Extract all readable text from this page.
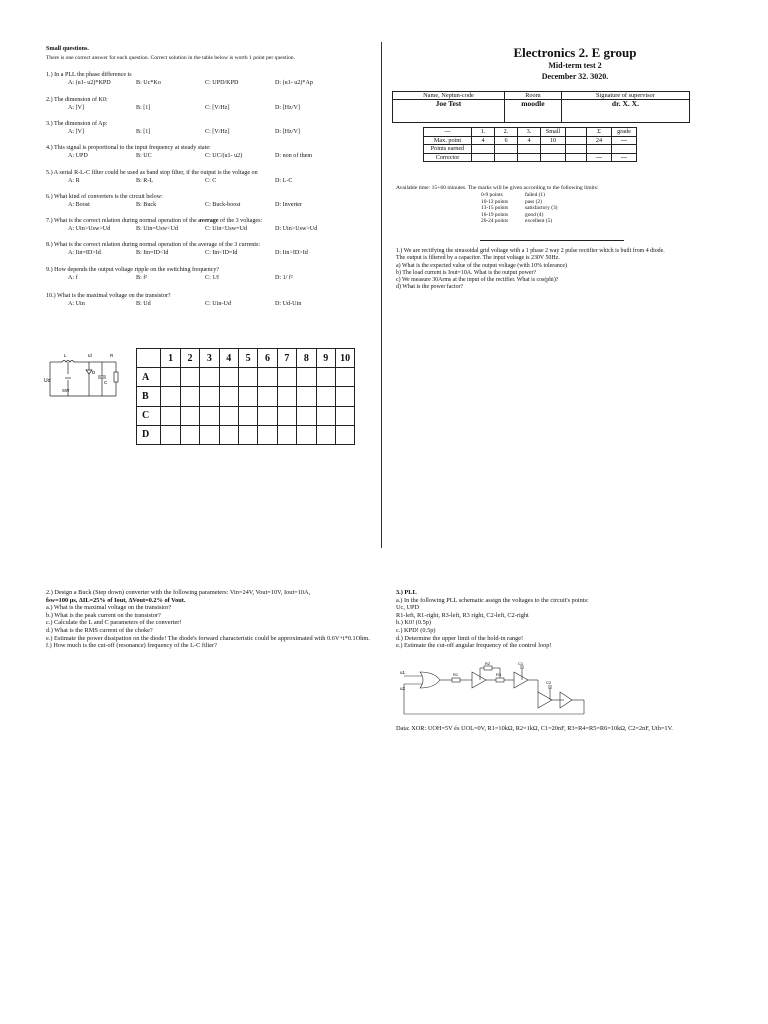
Small questions.
There is one correct answer for each question. Correct solution in the table below is worth 1 point per question.
1.) In a PLL the phase difference is
A: (u1- u2)*KPD	B: Uc*Ko	C: UPD/KPD	D: (u1- u2)*Ap
2.) The dimension of K0:
A: [V]	B: [1]	C: [V/Hz]	D: [Hz/V]
3.) The dimension of Ap:
A: [V]	B: [1]	C: [V/Hz]	D: [Hz/V]
4.) This signal is proportional to the input frequency at steady state:
A: UPD	B: UC	C: UC/(u1- u2)	D: non of them
5.) A serial R-L-C filter could be used as band stop filter, if the output is the voltage on
A: R	B: R-L	C: C	D: L-C
6.) What kind of converters is the circuit below:
A: Boost	B: Buck	C: Buck-boost	D: Inverter
7.) What is the correct relation during normal operation of the average of the 3 voltages:
A: Uin>Usw>Ud	B: Uin=Usw<Ud	C: Uin<Usw=Ud	D: Uin>Usw>Ud
8.) What is the correct relation during normal operation of the average of the 3 currents:
A: Iin=ID>Id	B: Iin=ID<Id	C: Iin<ID=Id	D: Iin>ID>Id
9.) How depends the output voltage ripple on the switching frequency?
A: f	B: f²	C: 1/f	D: 1/ f²
10.) What is the maximal voltage on the transistor?
A: Uin	B: Ud	C: Uin-Ud	D: Ud-Uin
Ud
SW
L
D
C
Id	R
		1	2	3	4	5	6	7	8	9	10
A										
B										
C										
D										
Electronics 2. E group
Mid-term test 2
December 32. 3020.
Name, Neptun-code	Room	Signature of supervisor
Joe Test	moodle	dr. X. X.
---	1.	2.	3.	Small		Σ	grade
Max. point	4	6	4	10		24	---
Points earned							
Corrector						---	---
Available time: 15+60 minutes. The marks will be given according to the following limits:
0-9 points	failed (1)
10-12 points	pass (2)
13-15 points	satisfactory (3)
16-19 points	good (4)
20-24 points	excellent (5)
1.) We are rectifying the sinusoidal grid voltage with a 1 phase 2 way 2 pulse rectifier which is built from 4 diode.
The output is filtered by a capacitor. The input voltage is 230V 50Hz.
a) What is the expected value of the output voltage (with 10% tolerance)
b) The load current is Iout=10A. What is the output power?
c) We measure 30Arms at the input of the rectifier. What is cos(phi)?
d) What is the power factor?
2.) Design a Buck (Step down) converter with the following parameters: Vin=24V, Vout=10V, Iout=10A,
fsw=100 µs, ΔIL=25% of Iout, ΔVout=0.2% of Vout.
a.) What is the maximal voltage on the transistor?
b.) What is the peak current on the transistor?
c.) Calculate the L and C parameters of the converter!
d.) What is the RMS current of the choke?
e.) Estimate the power dissipation on the diode! The diode's forward characteristic could be approximated with 0.6V+i*0.1Ohm.
f.) How much is the cut-off (resonance) frequency of the L-C filter?
3.) PLL
a.) In the following PLL schematic assign the voltages to the circuit's points:
Uc, UPD
R1-left, R1-right, R3-left, R3 right, C2-left, C2-right
b.) K0! (0.5p)
c.) KPD! (0.5p)
d.) Determine the upper limit of the hold-in range!
e.) Estimate the cut-off angular frequency of the control loop!
u1
u2
R1
R2
R3
C1
C2
Data: XOR: UOH=5V és UOL=0V, R1=10kΩ, R2=1kΩ, C1=20nF, R3=R4=R5=R6=10kΩ, C2=2nF, Uth=1V.
